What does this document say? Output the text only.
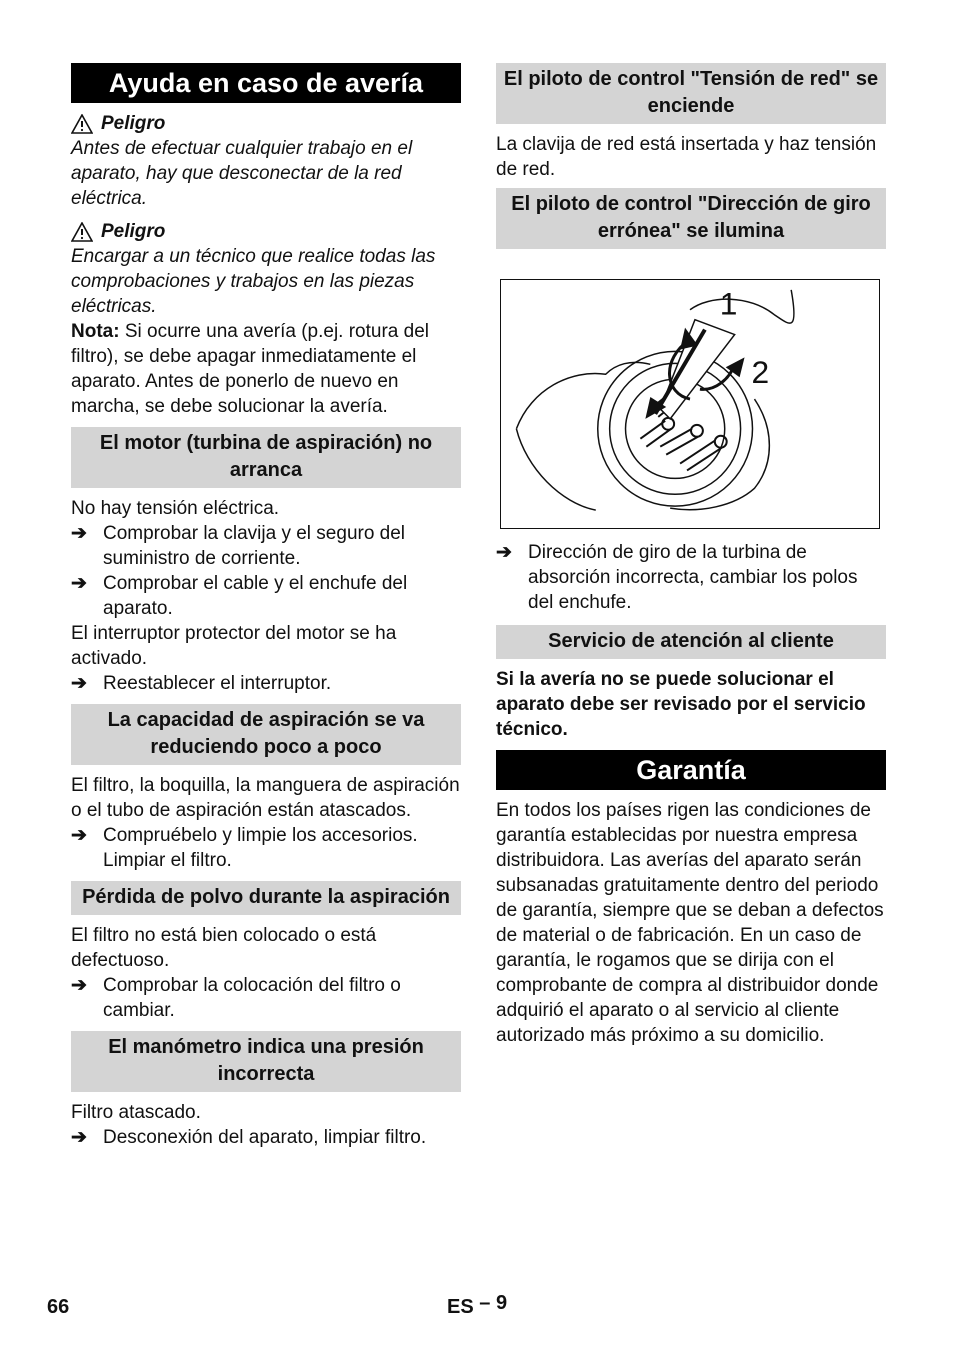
Ayuda en caso de avería
Peligro

Antes de efectuar cualquier trabajo en el aparato, hay que desconectar de la red eléctrica.

Peligro

Encargar a un técnico que realice todas las comprobaciones y trabajos en las piezas eléctricas.

Nota: Si ocurre una avería (p.ej. rotura del filtro), se debe apagar inmediatamente el aparato. Antes de ponerlo de nuevo en marcha, se debe solucionar la avería.

El motor (turbina de aspiración) no arranca

No hay tensión eléctrica.

➔ Comprobar la clavija y el seguro del suministro de corriente.
➔ Comprobar el cable y el enchufe del aparato.

El interruptor protector del motor se ha activado.

➔ Reestablecer el interruptor.
La capacidad de aspiración se va reduciendo poco a poco

El filtro, la boquilla, la manguera de aspiración o el tubo de aspiración están atascados.

➔ Compruébelo y limpie los accesorios. Limpiar el filtro.
Pérdida de polvo durante la aspiración

El filtro no está bien colocado o está defectuoso.

➔ Comprobar la colocación del filtro o cambiar.
El manómetro indica una presión incorrecta

Filtro atascado.

➔ Desconexión del aparato, limpiar filtro.
El piloto de control "Tensión de red" se enciende

La clavija de red está insertada y haz tensión de red.

El piloto de control "Dirección de giro errónea" se ilumina
1
2
➔ Dirección de giro de la turbina de absorción incorrecta, cambiar los polos del enchufe.
Servicio de atención al cliente

Si la avería no se puede solucionar el aparato debe ser revisado por el servicio técnico.

Garantía

En todos los países rigen las condiciones de garantía establecidas por nuestra empresa distribuidora. Las averías del aparato serán subsanadas gratuitamente dentro del periodo de garantía, siempre que se deban a defectos de material o de fabricación. En un caso de garantía, le rogamos que se dirija con el comprobante de compra al distribuidor donde adquirió el aparato o al servicio al cliente autorizado más próximo a su domicilio.

66	ES – 9
